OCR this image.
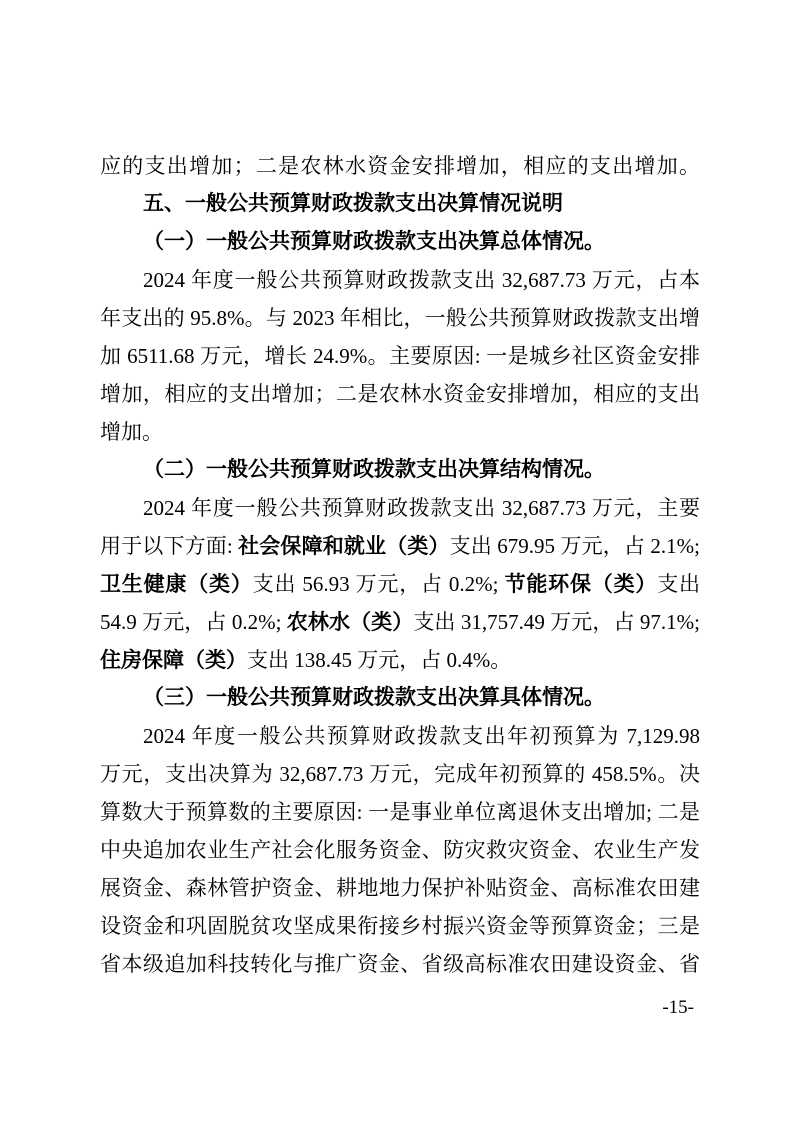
应的支出增加；二是农林水资金安排增加，相应的支出增加。
五、一般公共预算财政拨款支出决算情况说明
（一）一般公共预算财政拨款支出决算总体情况。
2024 年度一般公共预算财政拨款支出 32,687.73 万元，占本
年支出的 95.8%。与 2023 年相比，一般公共预算财政拨款支出增
加 6511.68 万元，增长 24.9%。主要原因: 一是城乡社区资金安排
增加，相应的支出增加；二是农林水资金安排增加，相应的支出
增加。
（二）一般公共预算财政拨款支出决算结构情况。
2024 年度一般公共预算财政拨款支出 32,687.73 万元，主要
用于以下方面: 社会保障和就业（类）支出 679.95 万元，占 2.1%;
卫生健康（类）支出 56.93 万元，占 0.2%; 节能环保（类）支出
54.9 万元，占 0.2%; 农林水（类）支出 31,757.49 万元，占 97.1%;
住房保障（类）支出 138.45 万元，占 0.4%。
（三）一般公共预算财政拨款支出决算具体情况。
2024 年度一般公共预算财政拨款支出年初预算为 7,129.98
万元，支出决算为 32,687.73 万元，完成年初预算的 458.5%。决
算数大于预算数的主要原因: 一是事业单位离退休支出增加; 二是
中央追加农业生产社会化服务资金、防灾救灾资金、农业生产发
展资金、森林管护资金、耕地地力保护补贴资金、高标准农田建
设资金和巩固脱贫攻坚成果衔接乡村振兴资金等预算资金；三是
省本级追加科技转化与推广资金、省级高标准农田建设资金、省
-15-
